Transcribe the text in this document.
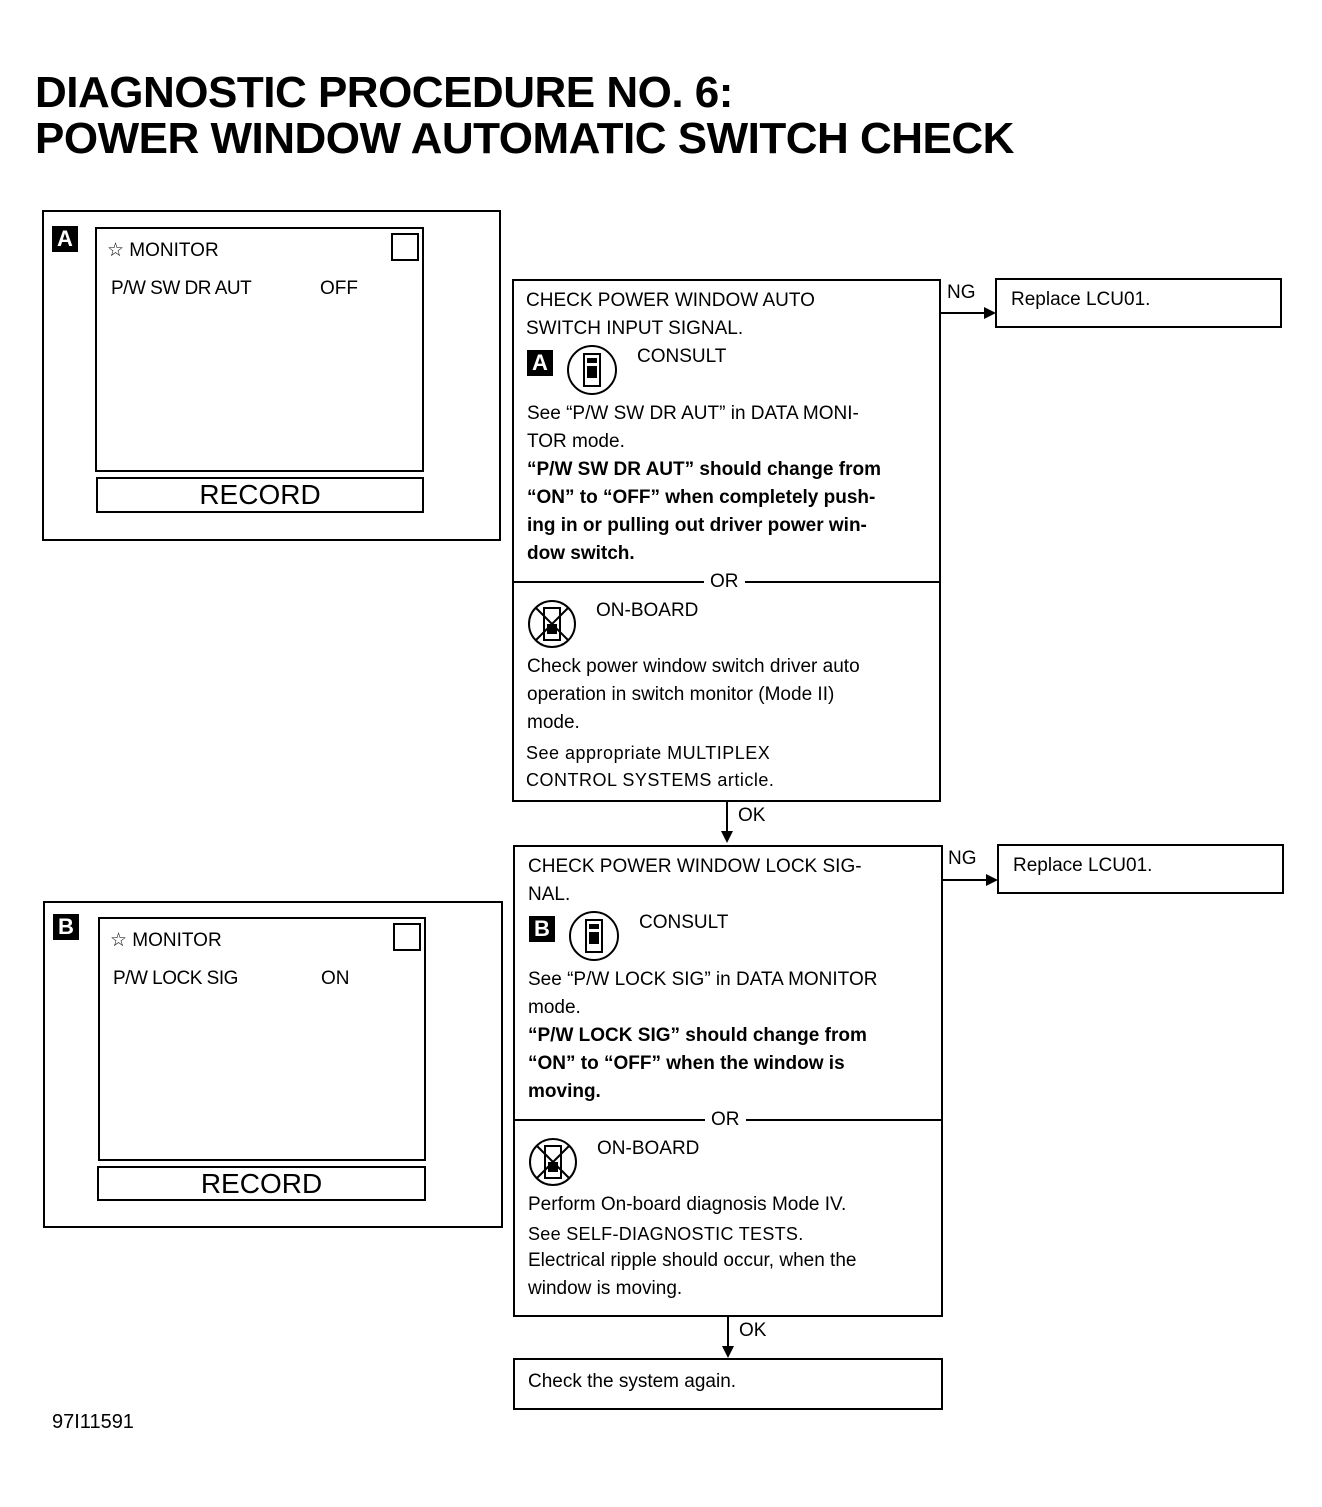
DIAGNOSTIC PROCEDURE NO. 6:
POWER WINDOW AUTOMATIC SWITCH CHECK
A ☆ MONITOR
P/W SW DR AUT	OFF
RECORD
B
☆ MONITOR
P/W LOCK SIG	ON
RECORD
CHECK POWER WINDOW AUTO
SWITCH INPUT SIGNAL.
A	CONSULT
See “P/W SW DR AUT” in DATA MONI-
TOR mode.
“P/W SW DR AUT” should change from
“ON” to “OFF” when completely push-
ing in or pulling out driver power win-
dow switch.
OR
ON-BOARD
Check power window switch driver auto
operation in switch monitor (Mode II)
mode.
See appropriate MULTIPLEX
CONTROL SYSTEMS article.
NG Replace LCU01.
OK
CHECK POWER WINDOW LOCK SIG-
NAL.
B	CONSULT
See “P/W LOCK SIG” in DATA MONITOR
mode.
“P/W LOCK SIG” should change from
“ON” to “OFF” when the window is
moving.
OR
ON-BOARD
Perform On-board diagnosis Mode IV.
See SELF-DIAGNOSTIC TESTS.
Electrical ripple should occur, when the
window is moving.
NG Replace LCU01.
OK
Check the system again.
97I11591
